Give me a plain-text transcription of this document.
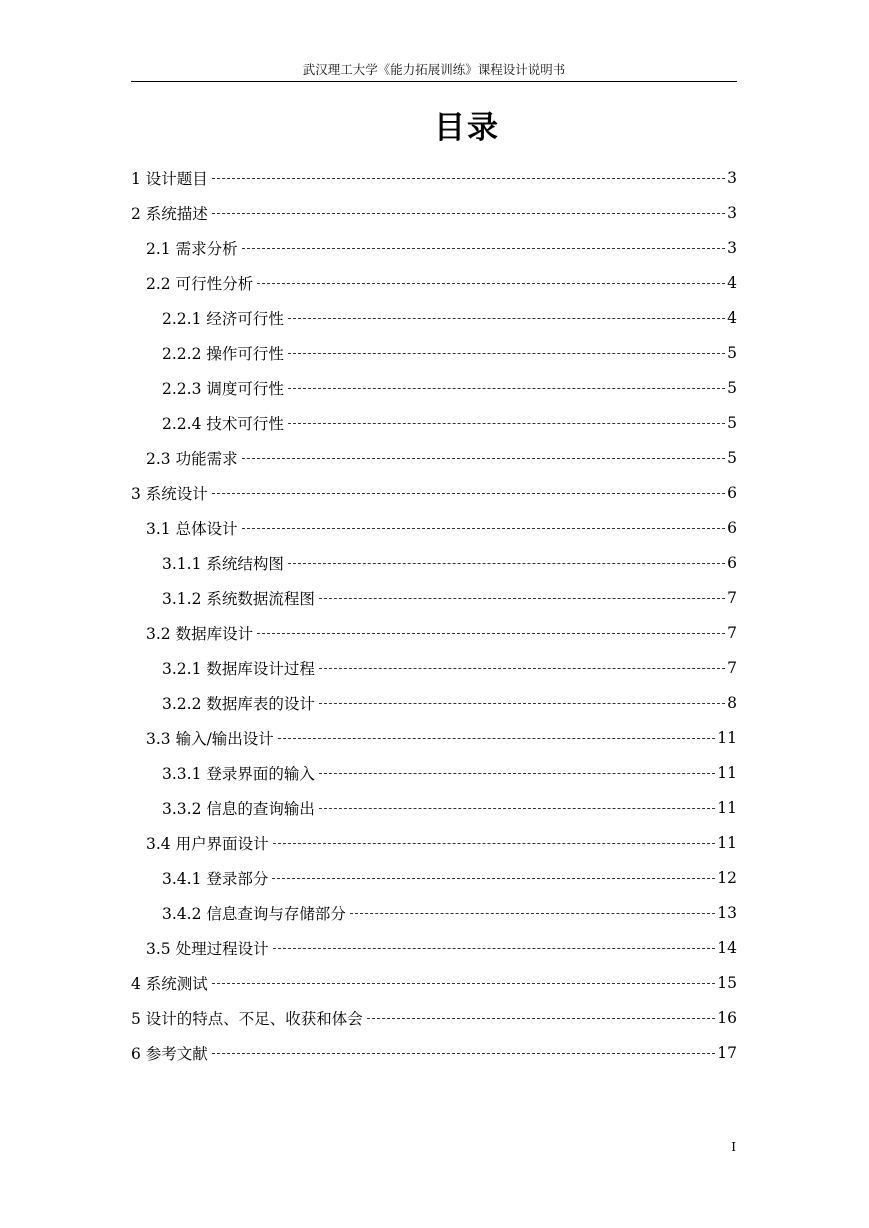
武汉理工大学《能力拓展训练》课程设计说明书
目录
1 设计题目	3
2 系统描述	3
2.1 需求分析	3
2.2 可行性分析	4
2.2.1 经济可行性	4
2.2.2 操作可行性	5
2.2.3 调度可行性	5
2.2.4 技术可行性	5
2.3 功能需求	5
3 系统设计	6
3.1 总体设计	6
3.1.1 系统结构图	6
3.1.2 系统数据流程图	7
3.2 数据库设计	7
3.2.1 数据库设计过程	7
3.2.2 数据库表的设计	8
3.3 输入/输出设计	11
3.3.1 登录界面的输入	11
3.3.2 信息的查询输出	11
3.4 用户界面设计	11
3.4.1 登录部分	12
3.4.2 信息查询与存储部分	13
3.5 处理过程设计	14
4 系统测试	15
5 设计的特点、不足、收获和体会	16
6 参考文献	17
I
